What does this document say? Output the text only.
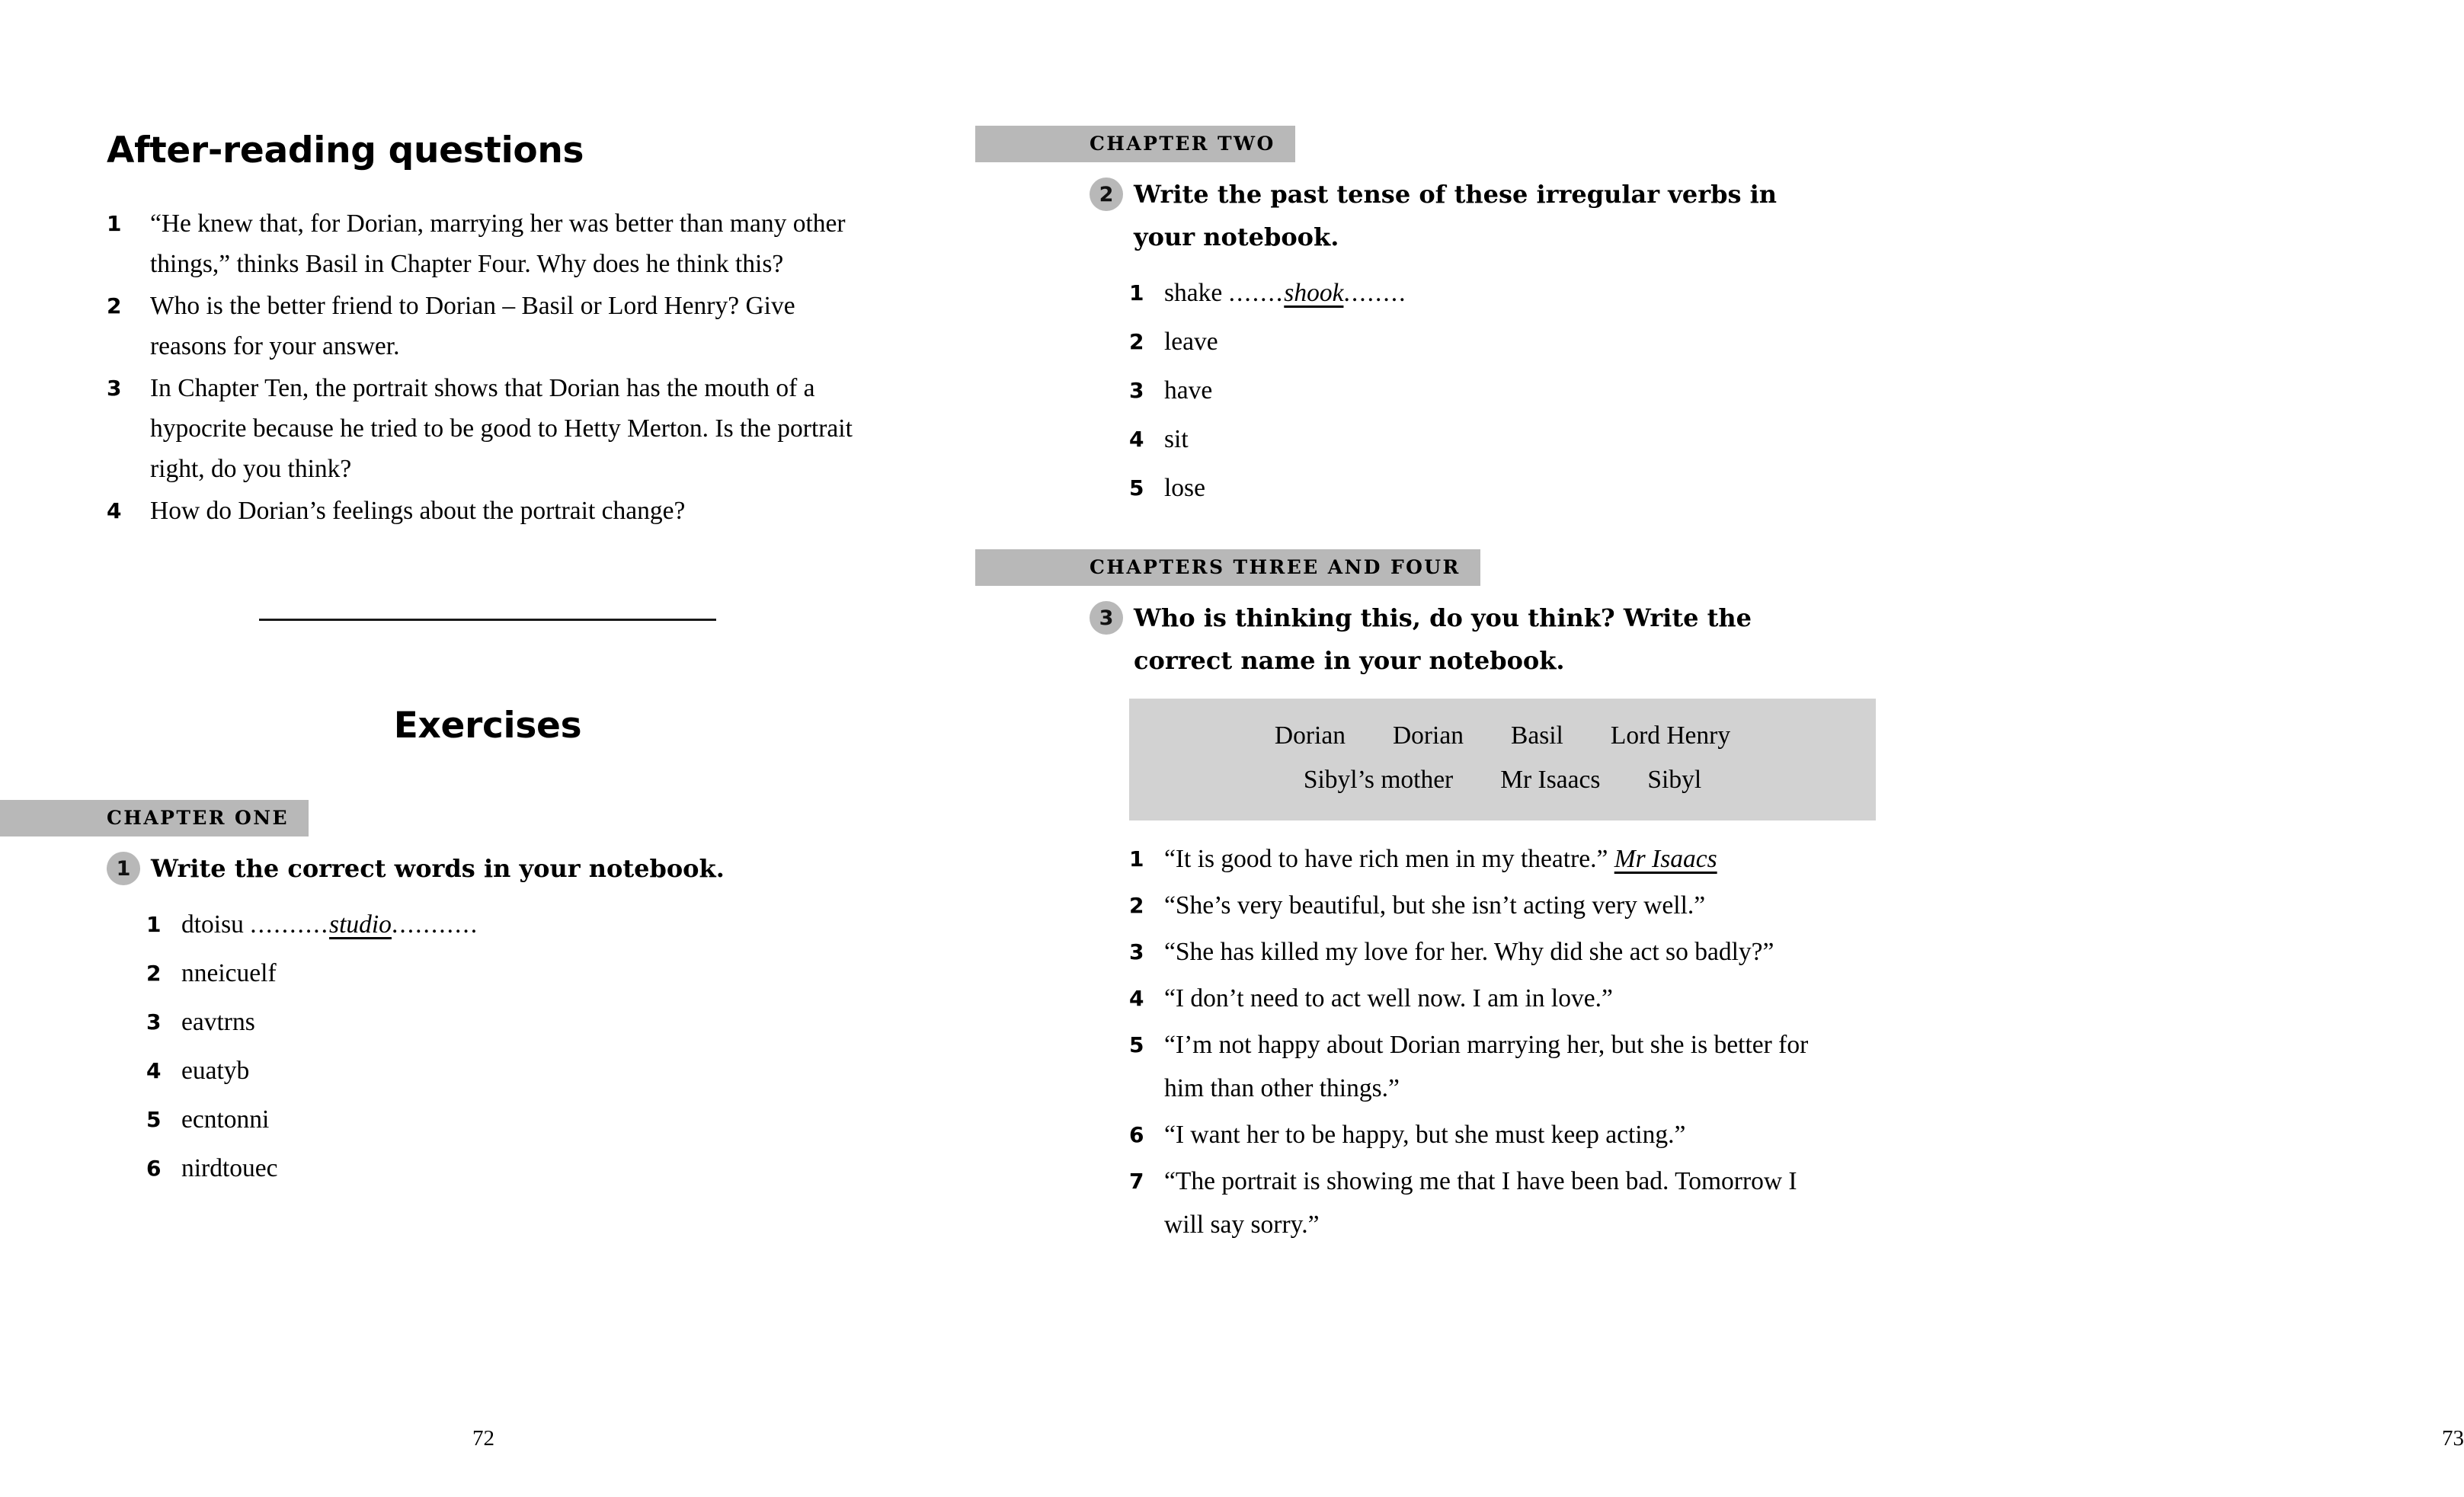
After-reading questions
1 “He knew that, for Dorian, marrying her was better than many other things,” thinks Basil in Chapter Four. Why does he think this?
2 Who is the better friend to Dorian – Basil or Lord Henry? Give reasons for your answer.
3 In Chapter Ten, the portrait shows that Dorian has the mouth of a hypocrite because he tried to be good to Hetty Merton. Is the portrait right, do you think?
4 How do Dorian’s feelings about the portrait change?
Exercises
CHAPTER ONE
1 Write the correct words in your notebook.
1 dtoisu ..........studio...........
2 nneicuelf
3 eavtrns
4 euatyb
5 ecntonni
6 nirdtouec
72
CHAPTER TWO
2 Write the past tense of these irregular verbs in your notebook.
1 shake .......shook........
2 leave
3 have
4 sit
5 lose
CHAPTERS THREE AND FOUR
3 Who is thinking this, do you think? Write the correct name in your notebook.
Dorian Dorian Basil Lord Henry
Sibyl’s mother Mr Isaacs Sibyl
1 “It is good to have rich men in my theatre.” Mr Isaacs
2 “She’s very beautiful, but she isn’t acting very well.”
3 “She has killed my love for her. Why did she act so badly?”
4 “I don’t need to act well now. I am in love.”
5 “I’m not happy about Dorian marrying her, but she is better for him than other things.”
6 “I want her to be happy, but she must keep acting.”
7 “The portrait is showing me that I have been bad. Tomorrow I will say sorry.”
73
